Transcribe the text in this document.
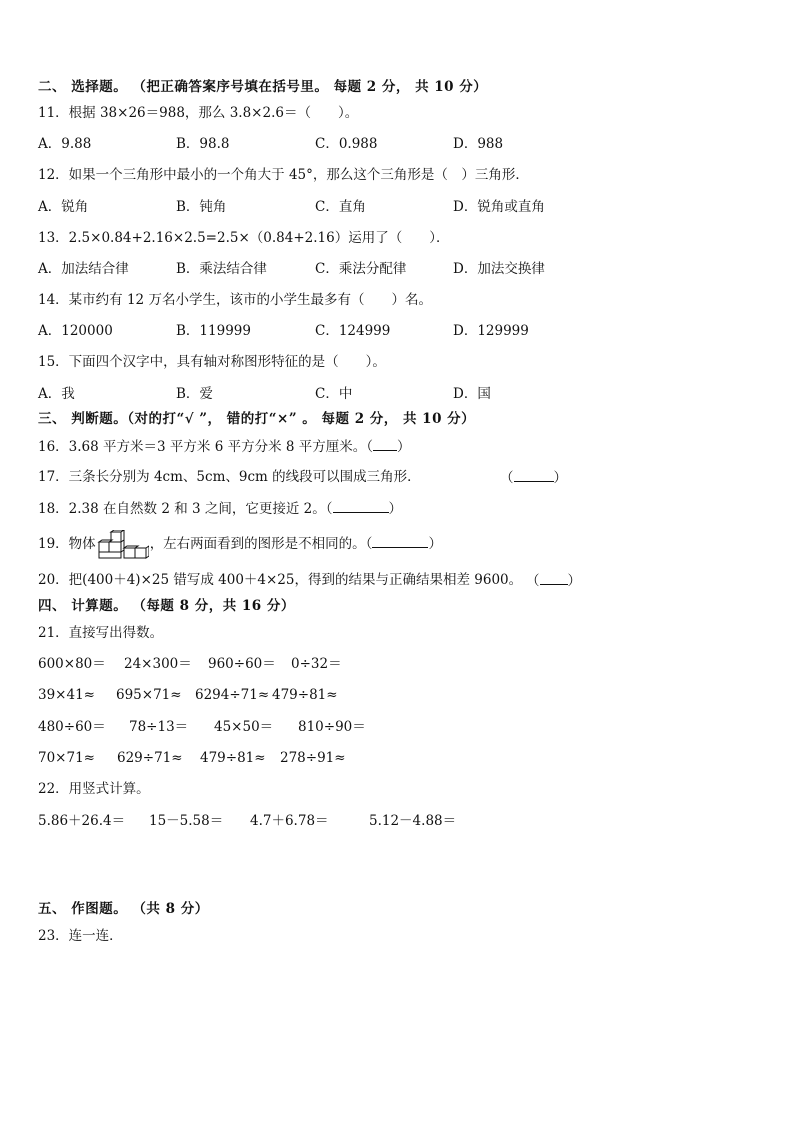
二、 选择题。 （把正确答案序号填在括号里。 每题 2 分， 共 10 分）
11．根据 38×26＝988，那么 3.8×2.6＝（　　）。
A．9.88	B．98.8	C．0.988	D．988
12．如果一个三角形中最小的一个角大于 45°，那么这个三角形是（　）三角形．
A．锐角	B．钝角	C．直角	D．锐角或直角
13．2.5×0.84+2.16×2.5=2.5×（0.84+2.16）运用了（　　）．
A．加法结合律	B．乘法结合律	C．乘法分配律	D．加法交换律
14．某市约有 12 万名小学生，该市的小学生最多有（　　）名。
A．120000	B．119999	C．124999	D．129999
15．下面四个汉字中，具有轴对称图形特征的是（　　）。
A．我	B．爱	C．中	D．国
三、 判断题。（对的打“√ ”， 错的打“×” 。 每题 2 分， 共 10 分）
16．3.68 平方米＝3 平方米 6 平方分米 8 平方厘米。（ ）
17．三条长分别为 4cm、5cm、9cm 的线段可以围成三角形．	（	）
18．2.38 在自然数 2 和 3 之间，它更接近 2。（	）
19．物体	，左右两面看到的图形是不相同的。（	）
20．把(400＋4)×25 错写成 400＋4×25，得到的结果与正确结果相差 9600。 （ ）
四、 计算题。 （每题 8 分，共 16 分）
21．直接写出得数。
600×80＝ 24×300＝ 960÷60＝ 0÷32＝
39×41≈ 695×71≈ 6294÷71≈ 479÷81≈
480÷60＝ 78÷13＝ 45×50＝ 810÷90＝
70×71≈ 629÷71≈ 479÷81≈ 278÷91≈
22．用竖式计算。
5.86＋26.4＝ 15－5.58＝ 4.7＋6.78＝	5.12－4.88＝
五、 作图题。 （共 8 分）
23．连一连．
